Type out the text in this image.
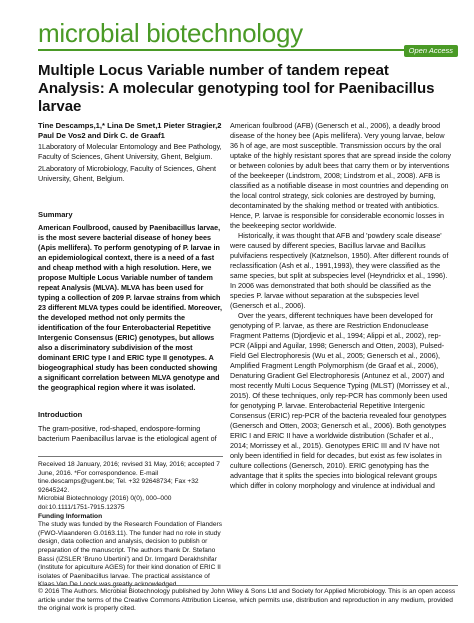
microbial biotechnology
Open Access
Multiple Locus Variable number of tandem repeat Analysis: A molecular genotyping tool for Paenibacillus larvae
Tine Descamps,1,* Lina De Smet,1 Pieter Stragier,2 Paul De Vos2 and Dirk C. de Graaf1

1Laboratory of Molecular Entomology and Bee Pathology, Faculty of Sciences, Ghent University, Ghent, Belgium.

2Laboratory of Microbiology, Faculty of Sciences, Ghent University, Ghent, Belgium.

Summary
American Foulbrood, caused by Paenibacillus larvae, is the most severe bacterial disease of honey bees (Apis mellifera). To perform genotyping of P. larvae in an epidemiological context, there is a need of a fast and cheap method with a high resolution. Here, we propose Multiple Locus Variable number of tandem repeat Analysis (MLVA). MLVA has been used for typing a collection of 209 P. larvae strains from which 23 different MLVA types could be identified. Moreover, the developed method not only permits the identification of the four Enterobacterial Repetitive Intergenic Consensus (ERIC) genotypes, but allows also a discriminatory subdivision of the most dominant ERIC type I and ERIC type II genotypes. A biogeographical study has been conducted showing a significant correlation between MLVA genotype and the geographical region where it was isolated.
Introduction
The gram-positive, rod-shaped, endospore-forming bacterium Paenibacillus larvae is the etiological agent of
Received 18 January, 2016; revised 31 May, 2016; accepted 7 June, 2016. *For correspondence. E-mail tine.descamps@ugent.be; Tel. +32 92648734; Fax +32 92645242.
Microbial Biotechnology (2016) 0(0), 000–000
doi:10.1111/1751-7915.12375
Funding Information
The study was funded by the Research Foundation of Flanders (FWO-Vlaanderen G.0163.11). The funder had no role in study design, data collection and analysis, decision to publish or preparation of the manuscript. The authors thank Dr. Stefano Bassi (IZSLER 'Bruno Ubertini') and Dr. Irmgard Derakhshifar (Institute for apiculture AGES) for their kind donation of ERIC II isolates of Paenibacillus larvae. The practical assistance of

American foulbrood (AFB) (Genersch et al., 2006), a deadly brood disease of the honey bee (Apis mellifera). Very young larvae, below 36 h of age, are most susceptible. Transmission occurs by the oral uptake of the highly resistant spores that are spread inside the colony or between colonies by adult bees that carry them or by interventions of the beekeeper (Lindstrom, 2008; Lindstrom et al., 2008). AFB is classified as a notifiable disease in most countries and depending on the local control strategy, sick colonies are destroyed by burning, decontaminated by the shaking method or treated with antibiotics. Hence, P. larvae is responsible for considerable economic losses in the beekeeping sector worldwide.

Historically, it was thought that AFB and 'powdery scale disease' were caused by different species, Bacillus larvae and Bacillus pulvifaciens respectively (Katznelson, 1950). After different rounds of reclassification (Ash et al., 1991,1993), they were classified as the same species, but split at subspecies level (Heyndrickx et al., 1996). In 2006 was demonstrated that both should be classified as the species P. larvae without separation at the subspecies level (Genersch et al., 2006).

Over the years, different techniques have been developed for genotyping of P. larvae, as there are Restriction Endonuclease Fragment Patterns (Djordjevic et al., 1994; Alippi et al., 2002), rep-PCR (Alippi and Aguilar, 1998; Genersch and Otten, 2003), Pulsed-Field Gel Electrophoresis (Wu et al., 2005; Genersch et al., 2006), Amplified Fragment Length Polymorphism (de Graaf et al., 2006), Denaturing Gradient Gel Electrophoresis (Antunez et al., 2007) and most recently Multi Locus Sequence Typing (MLST) (Morrissey et al., 2015). Of these techniques, only rep-PCR has commonly been used for genotyping P. larvae. Enterobacterial Repetitive Intergenic Consensus (ERIC) rep-PCR of the bacteria revealed four genotypes (Genersch and Otten, 2003; Genersch et al., 2006). Both genotypes ERIC I and ERIC II have a worldwide distribution (Schafer et al., 2014; Morrissey et al., 2015). Genotypes ERIC III and IV have not only been identified in field for decades, but exist as few isolates in culture collections (Genersch, 2010). ERIC genotyping has the advantage that it splits the species into biological relevant groups which differ in colony morphology and virulence at individual and

© 2016 The Authors. Microbial Biotechnology published by John Wiley & Sons Ltd and Society for Applied Microbiology. This is an open access article under the terms of the Creative Commons Attribution License, which permits use, distribution and reproduction in any medium, provided the original work is properly cited.
